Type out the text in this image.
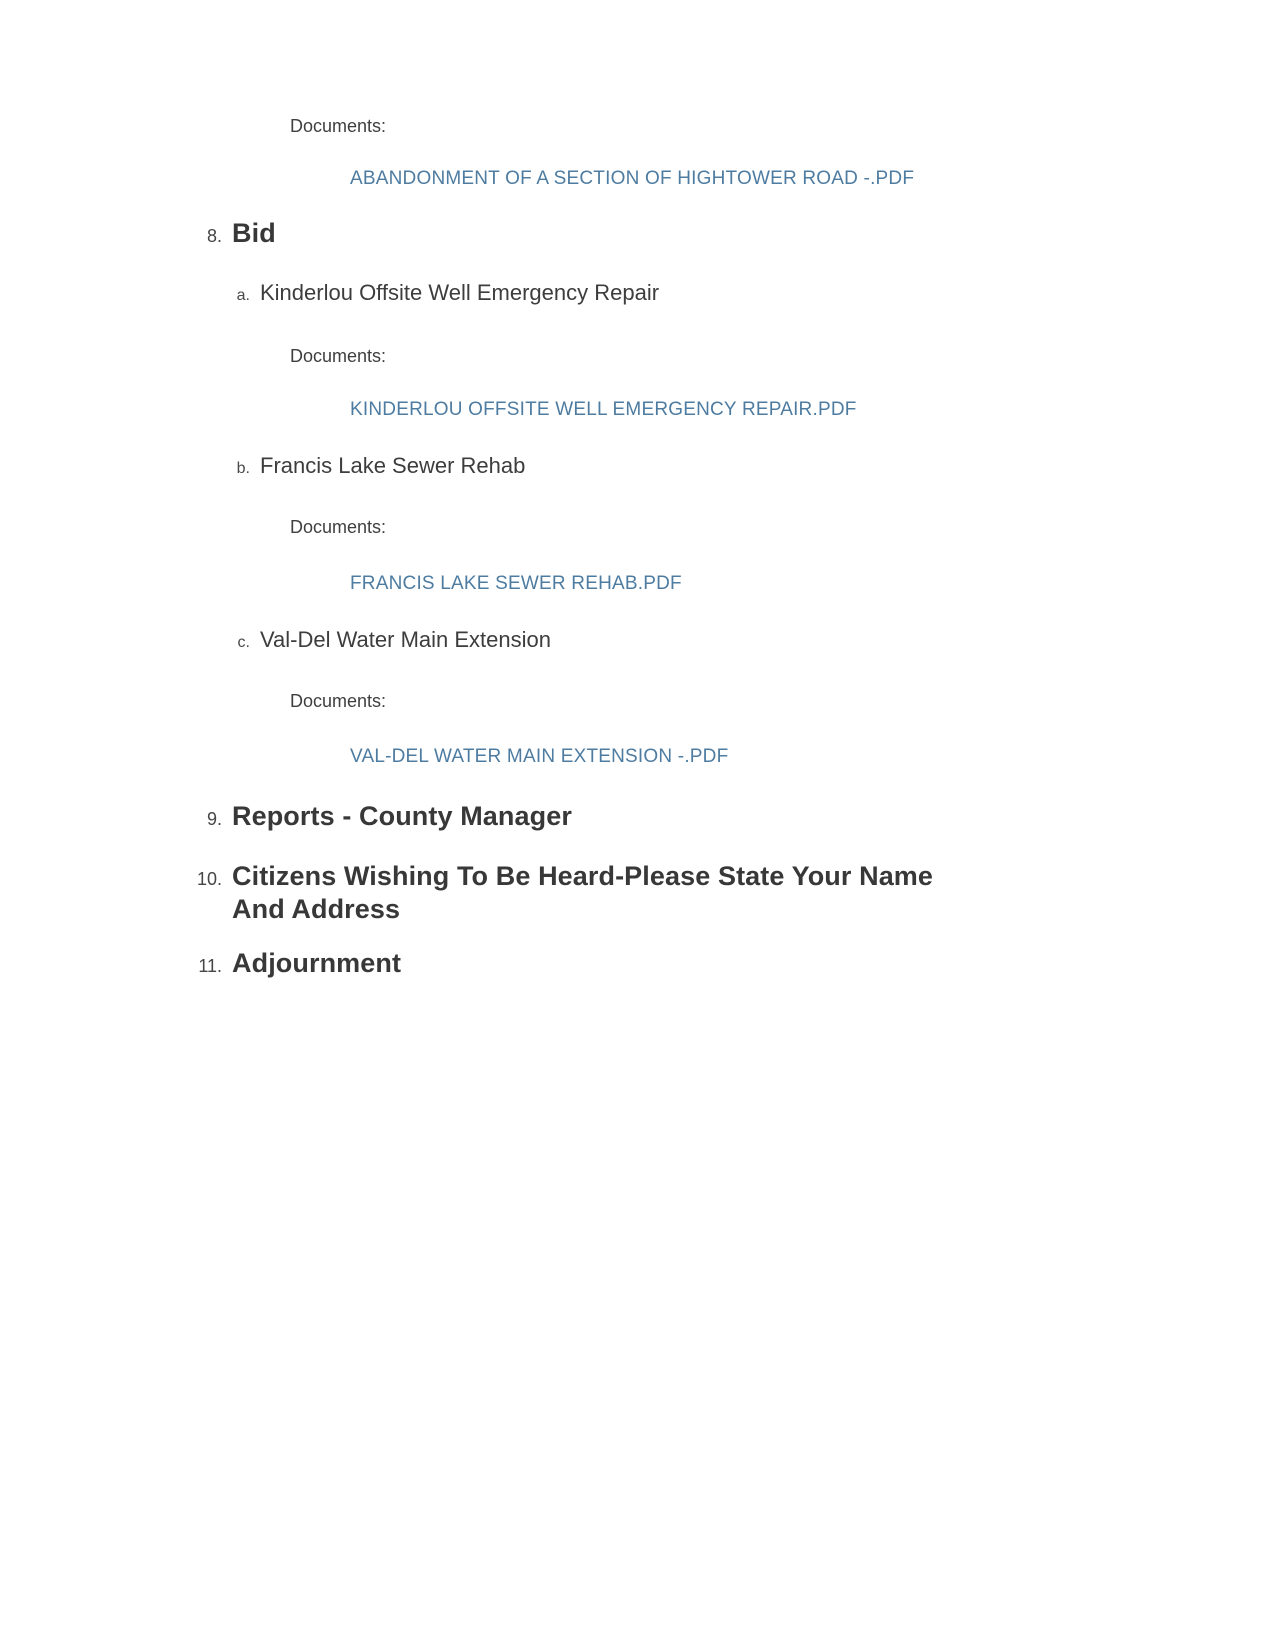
Documents:
ABANDONMENT OF A SECTION OF HIGHTOWER ROAD -.PDF
8. Bid
a. Kinderlou Offsite Well Emergency Repair
Documents:
KINDERLOU OFFSITE WELL EMERGENCY REPAIR.PDF
b. Francis Lake Sewer Rehab
Documents:
FRANCIS LAKE SEWER REHAB.PDF
c. Val-Del Water Main Extension
Documents:
VAL-DEL WATER MAIN EXTENSION -.PDF
9. Reports - County Manager
10. Citizens Wishing To Be Heard-Please State Your Name And Address
11. Adjournment
